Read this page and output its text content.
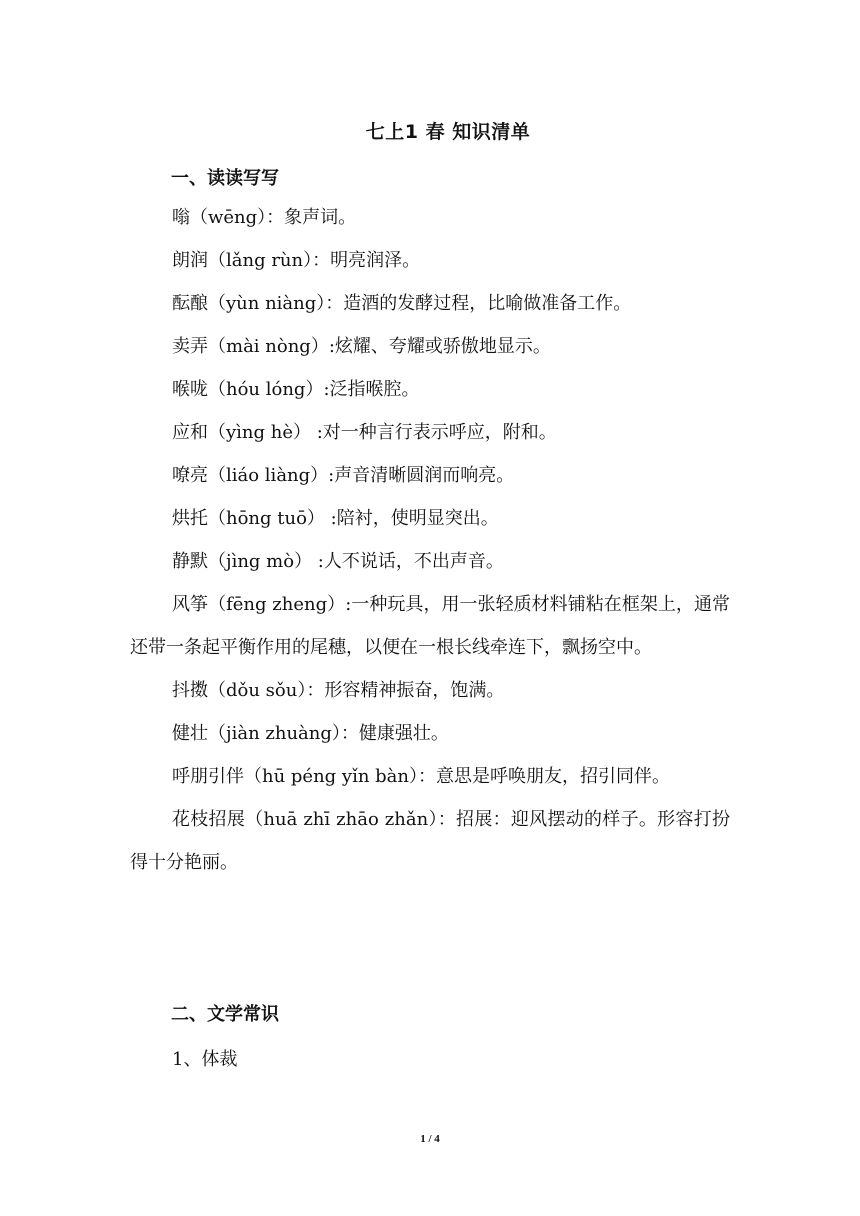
七上1 春 知识清单
一、读读写写

嗡（wēng）：象声词。

朗润（lǎng rùn）：明亮润泽。

酝酿（yùn niàng）：造酒的发酵过程，比喻做准备工作。

卖弄（mài nòng）:炫耀、夸耀或骄傲地显示。

喉咙（hóu lóng）:泛指喉腔。

应和（yìng hè） :对一种言行表示呼应，附和。

嘹亮（liáo liàng）:声音清晰圆润而响亮。

烘托（hōng tuō） :陪衬，使明显突出。

静默（jìng mò） :人不说话，不出声音。

风筝（fēng zheng）:一种玩具，用一张轻质材料铺粘在框架上，通常还带一条起平衡作用的尾穗，以便在一根长线牵连下，飘扬空中。

抖擞（dǒu sǒu）：形容精神振奋，饱满。

健壮（jiàn zhuàng）：健康强壮。

呼朋引伴（hū péng yǐn bàn）：意思是呼唤朋友，招引同伴。

花枝招展（huā zhī zhāo zhǎn）：招展：迎风摆动的样子。形容打扮得十分艳丽。

二、文学常识
1、体裁
1 / 4
